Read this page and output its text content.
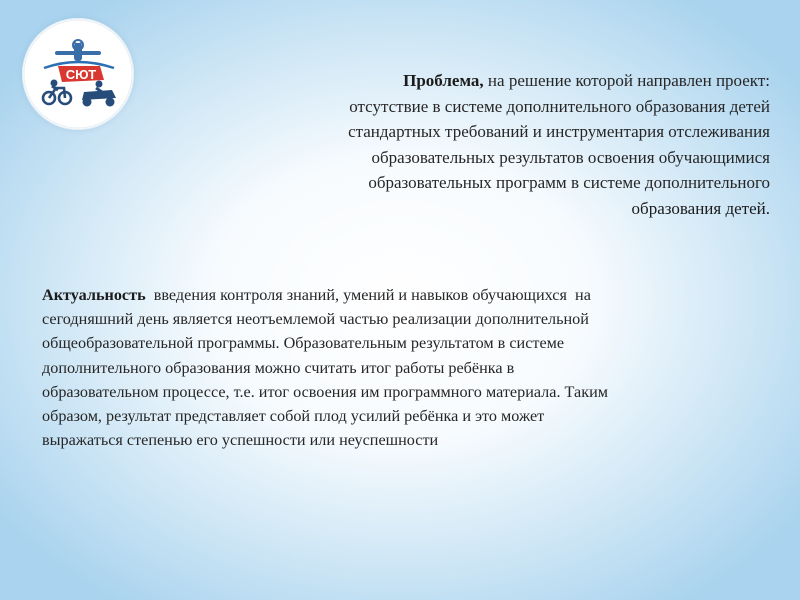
СЮТ	Проблема, на решение которой направлен проект:
отсутствие в системе дополнительного образования детей
стандартных требований и инструментария отслеживания
образовательных результатов освоения обучающимися
образовательных программ в системе дополнительного
образования детей.
Актуальность  введения контроля знаний, умений и навыков обучающихся  на
сегодняшний день является неотъемлемой частью реализации дополнительной
общеобразовательной программы. Образовательным результатом в системе
дополнительного образования можно считать итог работы ребёнка в
образовательном процессе, т.е. итог освоения им программного материала. Таким
образом, результат представляет собой плод усилий ребёнка и это может
выражаться степенью его успешности или неуспешности
